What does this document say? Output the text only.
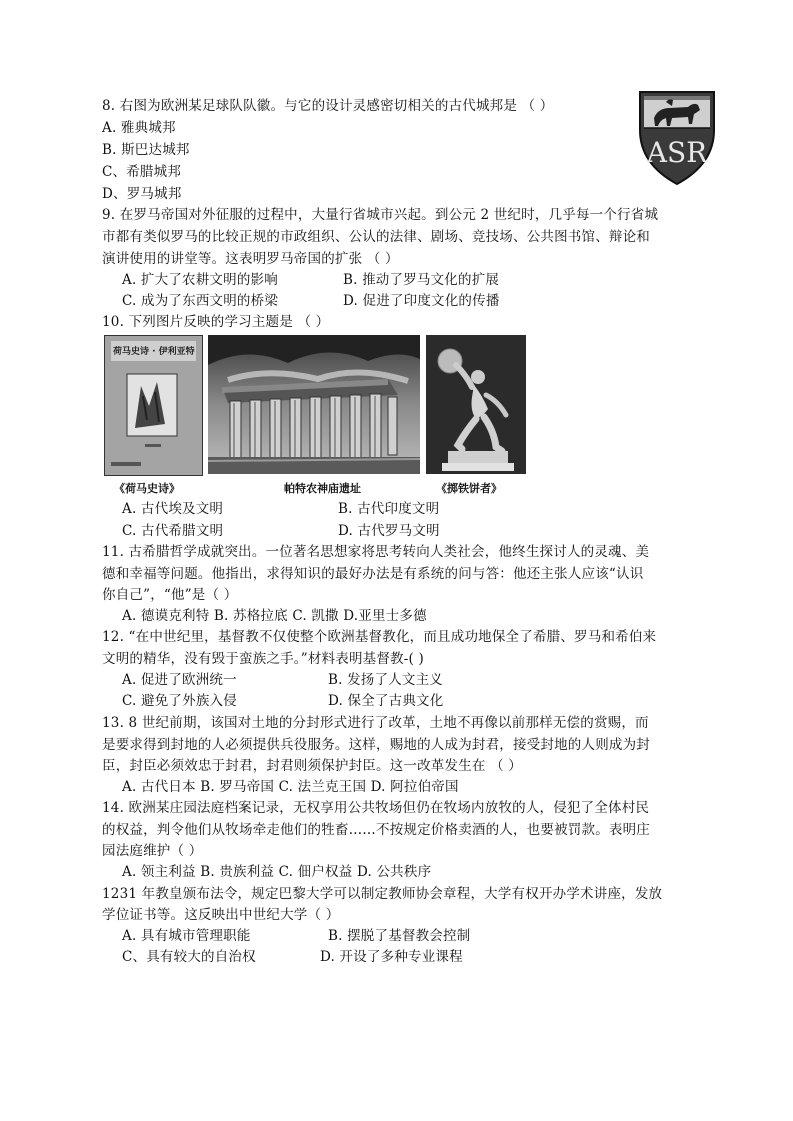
8. 右图为欧洲某足球队队徽。与它的设计灵感密切相关的古代城邦是 （ ）
A. 雅典城邦
B. 斯巴达城邦
C、希腊城邦
D、罗马城邦
ASR
9. 在罗马帝国对外征服的过程中，大量行省城市兴起。到公元 2 世纪时，几乎每一个行省城
市都有类似罗马的比较正规的市政组织、公认的法律、剧场、竞技场、公共图书馆、辩论和
演讲使用的讲堂等。这表明罗马帝国的扩张 （ ）
A. 扩大了农耕文明的影响	B. 推动了罗马文化的扩展
C. 成为了东西文明的桥梁	D. 促进了印度文化的传播
10. 下列图片反映的学习主题是 （ ）
荷马史诗 · 伊利亚特
《荷马史诗》	帕特农神庙遗址	《掷铁饼者》
A. 古代埃及文明	B. 古代印度文明
C. 古代希腊文明	D. 古代罗马文明
11. 古希腊哲学成就突出。一位著名思想家将思考转向人类社会，他终生探讨人的灵魂、美
德和幸福等问题。他指出，求得知识的最好办法是有系统的问与答：他还主张人应该“认识
你自己”，“他”是（ ）
A. 德谟克利特 B. 苏格拉底 C. 凯撒 D.亚里士多德
12. “在中世纪里，基督教不仅使整个欧洲基督教化，而且成功地保全了希腊、罗马和希伯来
文明的精华，没有毁于蛮族之手。”材料表明基督教-( )
A. 促进了欧洲统一	B. 发扬了人文主义
C. 避免了外族入侵	D. 保全了古典文化
13. 8 世纪前期，该国对土地的分封形式进行了改革，土地不再像以前那样无偿的赏赐，而
是要求得到封地的人必须提供兵役服务。这样，赐地的人成为封君，接受封地的人则成为封
臣，封臣必须效忠于封君，封君则须保护封臣。这一改革发生在 （ ）
A. 古代日本 B. 罗马帝国 C. 法兰克王国 D. 阿拉伯帝国
14. 欧洲某庄园法庭档案记录，无权享用公共牧场但仍在牧场内放牧的人，侵犯了全体村民
的权益，判令他们从牧场牵走他们的牲畜……不按规定价格卖酒的人，也要被罚款。表明庄
园法庭维护（ ）
A. 领主利益 B. 贵族利益 C. 佃户权益 D. 公共秩序
1231 年教皇颁布法令，规定巴黎大学可以制定教师协会章程，大学有权开办学术讲座，发放
学位证书等。这反映出中世纪大学（ ）
A. 具有城市管理职能	B. 摆脱了基督教会控制
C、具有较大的自治权	D. 开设了多种专业课程
